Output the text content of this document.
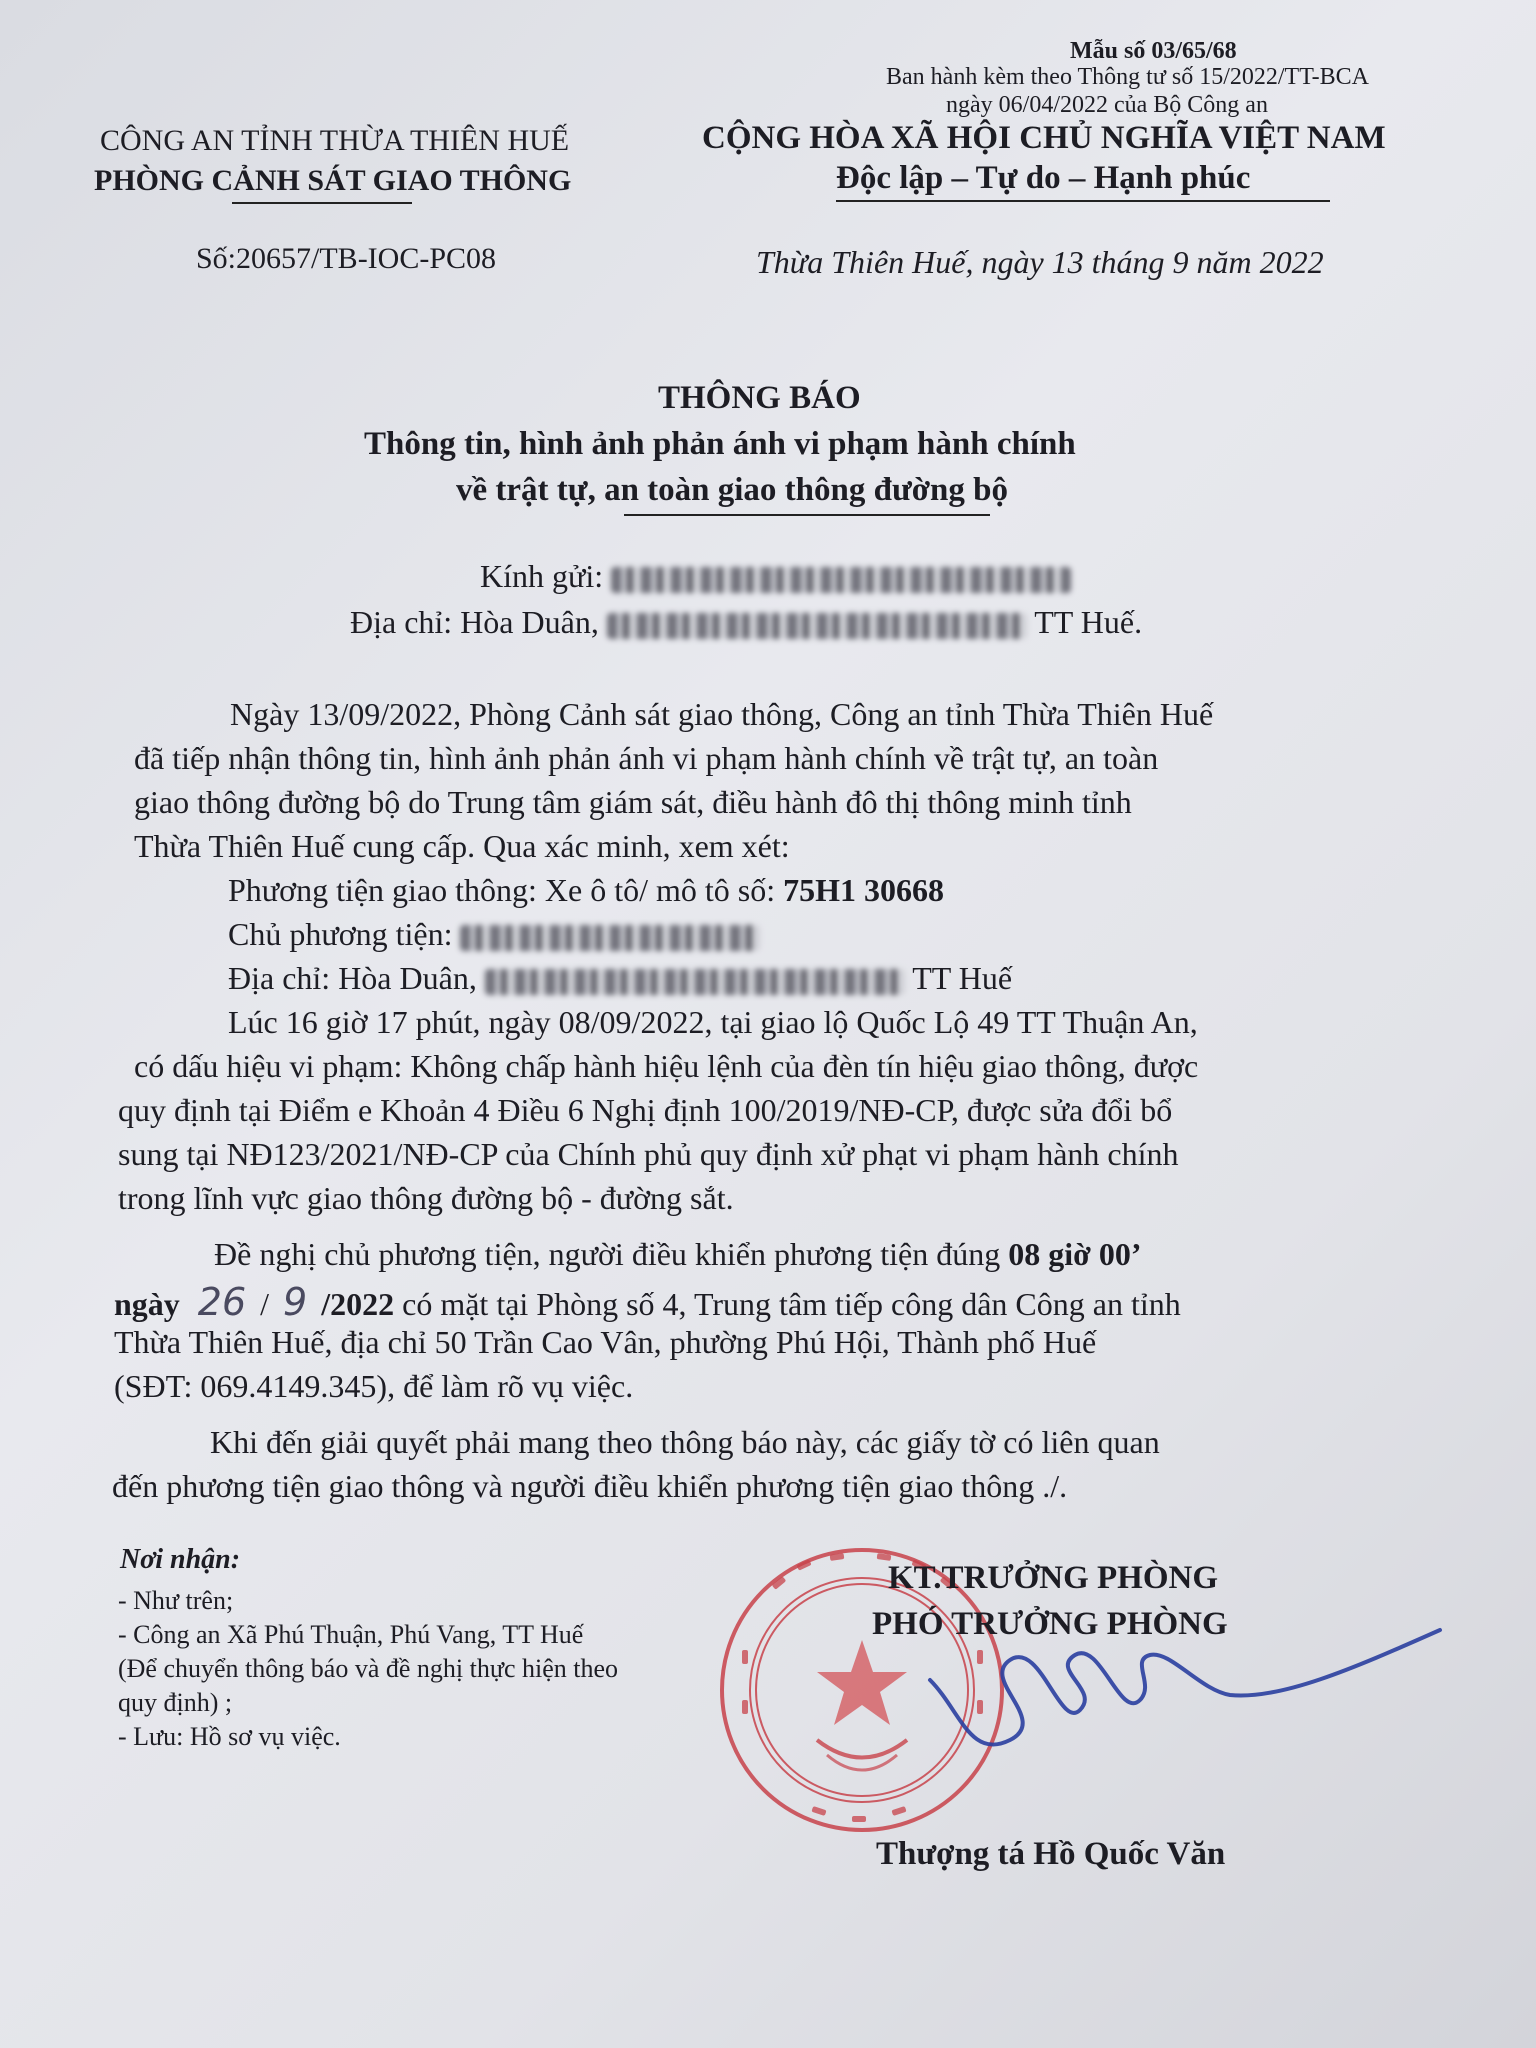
Mẫu số 03/65/68
Ban hành kèm theo Thông tư số 15/2022/TT-BCA
ngày 06/04/2022 của Bộ Công an
CÔNG AN TỈNH THỪA THIÊN HUẾ
PHÒNG CẢNH SÁT GIAO THÔNG
Số:20657/TB-IOC-PC08
CỘNG HÒA XÃ HỘI CHỦ NGHĨA VIỆT NAM
Độc lập – Tự do – Hạnh phúc
Thừa Thiên Huế, ngày 13 tháng 9 năm 2022
THÔNG BÁO
Thông tin, hình ảnh phản ánh vi phạm hành chính
về trật tự, an toàn giao thông đường bộ
Kính gửi:
Địa chỉ: Hòa Duân,	TT Huế.
Ngày 13/09/2022, Phòng Cảnh sát giao thông, Công an tỉnh Thừa Thiên Huế
đã tiếp nhận thông tin, hình ảnh phản ánh vi phạm hành chính về trật tự, an toàn
giao thông đường bộ do Trung tâm giám sát, điều hành đô thị thông minh tỉnh
Thừa Thiên Huế cung cấp. Qua xác minh, xem xét:
Phương tiện giao thông: Xe ô tô/ mô tô số: 75H1 30668
Chủ phương tiện:
Địa chỉ: Hòa Duân,	TT Huế
Lúc 16 giờ 17 phút, ngày 08/09/2022, tại giao lộ Quốc Lộ 49 TT Thuận An,
có dấu hiệu vi phạm: Không chấp hành hiệu lệnh của đèn tín hiệu giao thông, được
quy định tại Điểm e Khoản 4 Điều 6 Nghị định 100/2019/NĐ-CP, được sửa đổi bổ
sung tại NĐ123/2021/NĐ-CP của Chính phủ quy định xử phạt vi phạm hành chính
trong lĩnh vực giao thông đường bộ - đường sắt.
Đề nghị chủ phương tiện, người điều khiển phương tiện đúng 08 giờ 00’
ngày 26 / 9 /2022 có mặt tại Phòng số 4, Trung tâm tiếp công dân Công an tỉnh
Thừa Thiên Huế, địa chỉ 50 Trần Cao Vân, phường Phú Hội, Thành phố Huế
(SĐT: 069.4149.345), để làm rõ vụ việc.
Khi đến giải quyết phải mang theo thông báo này, các giấy tờ có liên quan
đến phương tiện giao thông và người điều khiển phương tiện giao thông ./.
Nơi nhận:
- Như trên;
- Công an Xã Phú Thuận, Phú Vang, TT Huế
(Để chuyển thông báo và đề nghị thực hiện theo
quy định) ;
- Lưu: Hồ sơ vụ việc.
KT.TRƯỞNG PHÒNG
PHÓ TRƯỞNG PHÒNG
Thượng tá Hồ Quốc Văn
